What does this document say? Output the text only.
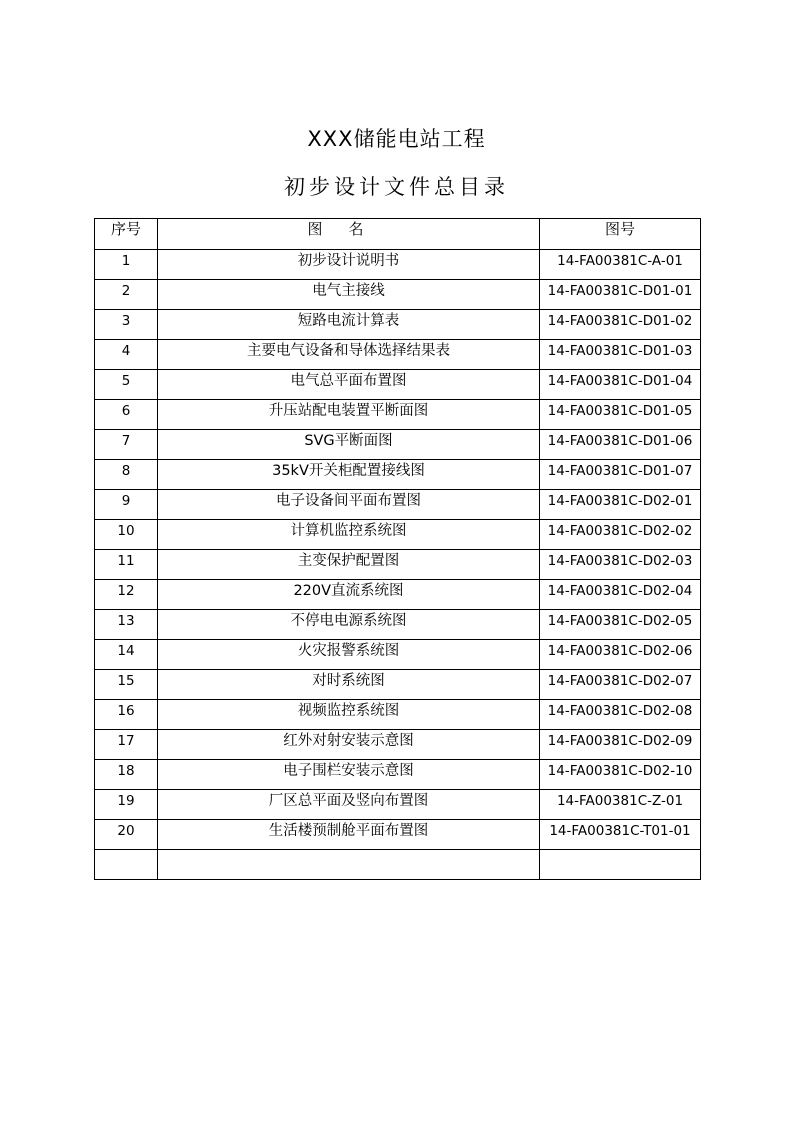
XXX储能电站工程
初步设计文件总目录
序号	图名	图号
1	初步设计说明书	14-FA00381C-A-01
2	电气主接线	14-FA00381C-D01-01
3	短路电流计算表	14-FA00381C-D01-02
4	主要电气设备和导体选择结果表	14-FA00381C-D01-03
5	电气总平面布置图	14-FA00381C-D01-04
6	升压站配电装置平断面图	14-FA00381C-D01-05
7	SVG平断面图	14-FA00381C-D01-06
8	35kV开关柜配置接线图	14-FA00381C-D01-07
9	电子设备间平面布置图	14-FA00381C-D02-01
10	计算机监控系统图	14-FA00381C-D02-02
11	主变保护配置图	14-FA00381C-D02-03
12	220V直流系统图	14-FA00381C-D02-04
13	不停电电源系统图	14-FA00381C-D02-05
14	火灾报警系统图	14-FA00381C-D02-06
15	对时系统图	14-FA00381C-D02-07
16	视频监控系统图	14-FA00381C-D02-08
17	红外对射安装示意图	14-FA00381C-D02-09
18	电子围栏安装示意图	14-FA00381C-D02-10
19	厂区总平面及竖向布置图	14-FA00381C-Z-01
20	生活楼预制舱平面布置图	14-FA00381C-T01-01
